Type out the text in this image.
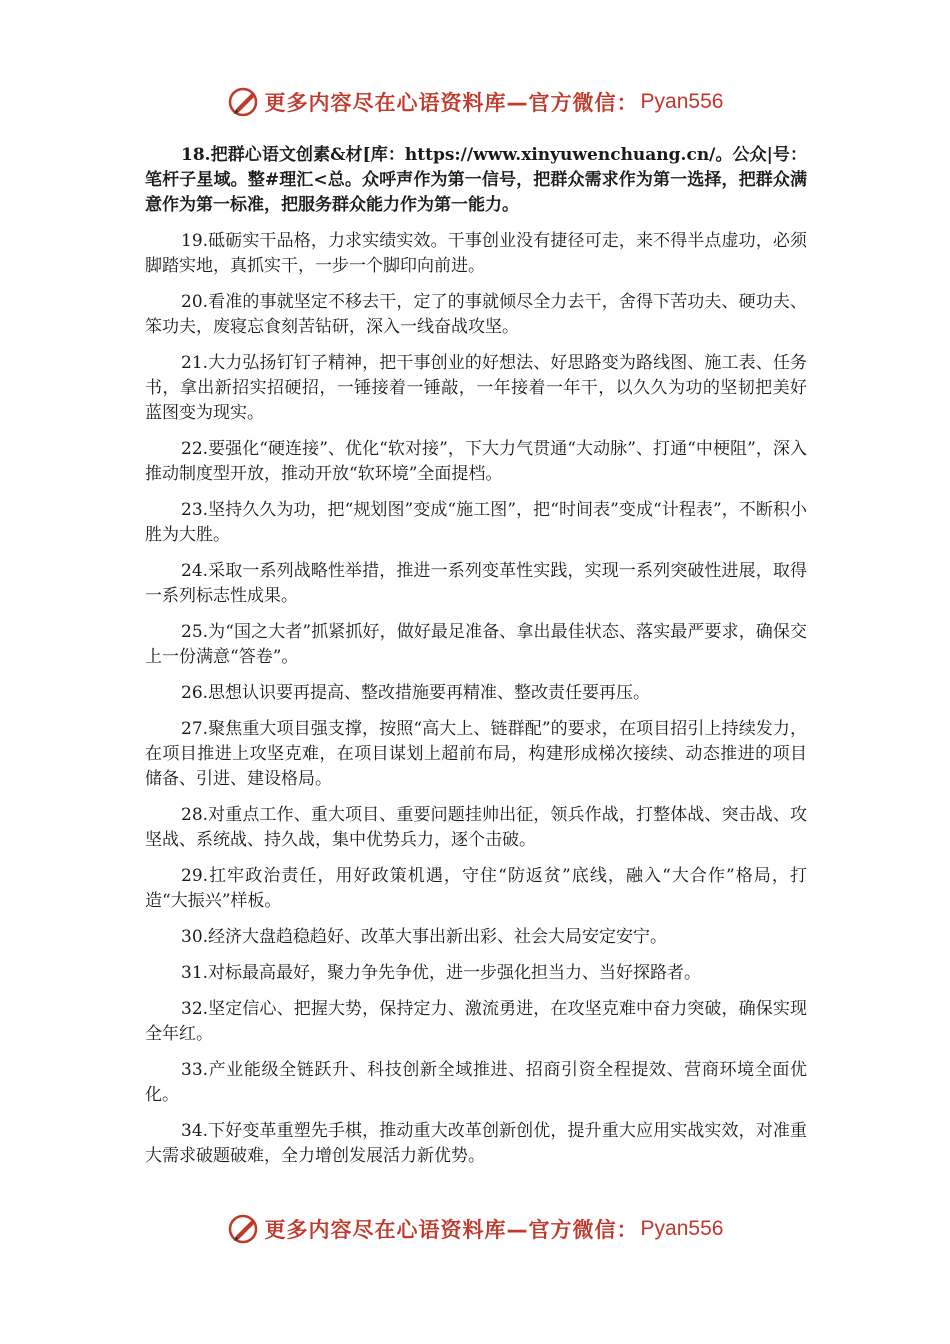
更多内容尽在心语资料库—官方微信： Pyan556

18.把群心语文创素&材[库：https://www.xinyuwenchuang.cn/。公众|号：笔杆子星域。整#理汇<总。众呼声作为第一信号，把群众需求作为第一选择，把群众满意作为第一标准，把服务群众能力作为第一能力。

19.砥砺实干品格，力求实绩实效。干事创业没有捷径可走，来不得半点虚功，必须脚踏实地，真抓实干，一步一个脚印向前进。

20.看准的事就坚定不移去干，定了的事就倾尽全力去干，舍得下苦功夫、硬功夫、笨功夫，废寝忘食刻苦钻研，深入一线奋战攻坚。

21.大力弘扬钉钉子精神，把干事创业的好想法、好思路变为路线图、施工表、任务书，拿出新招实招硬招，一锤接着一锤敲，一年接着一年干，以久久为功的坚韧把美好蓝图变为现实。

22.要强化“硬连接”、优化“软对接”，下大力气贯通“大动脉”、打通“中梗阻”，深入推动制度型开放，推动开放“软环境”全面提档。

23.坚持久久为功，把“规划图”变成“施工图”，把“时间表”变成“计程表”，不断积小胜为大胜。

24.采取一系列战略性举措，推进一系列变革性实践，实现一系列突破性进展，取得一系列标志性成果。

25.为“国之大者”抓紧抓好，做好最足准备、拿出最佳状态、落实最严要求，确保交上一份满意“答卷”。

26.思想认识要再提高、整改措施要再精准、整改责任要再压。

27.聚焦重大项目强支撑，按照“高大上、链群配”的要求，在项目招引上持续发力，在项目推进上攻坚克难，在项目谋划上超前布局，构建形成梯次接续、动态推进的项目储备、引进、建设格局。

28.对重点工作、重大项目、重要问题挂帅出征，领兵作战，打整体战、突击战、攻坚战、系统战、持久战，集中优势兵力，逐个击破。

29.扛牢政治责任，用好政策机遇，守住“防返贫”底线，融入“大合作”格局，打造“大振兴”样板。

30.经济大盘趋稳趋好、改革大事出新出彩、社会大局安定安宁。

31.对标最高最好，聚力争先争优，进一步强化担当力、当好探路者。

32.坚定信心、把握大势，保持定力、激流勇进，在攻坚克难中奋力突破，确保实现全年红。

33.产业能级全链跃升、科技创新全域推进、招商引资全程提效、营商环境全面优化。

34.下好变革重塑先手棋，推动重大改革创新创优，提升重大应用实战实效，对准重大需求破题破难，全力增创发展活力新优势。

更多内容尽在心语资料库—官方微信： Pyan556
